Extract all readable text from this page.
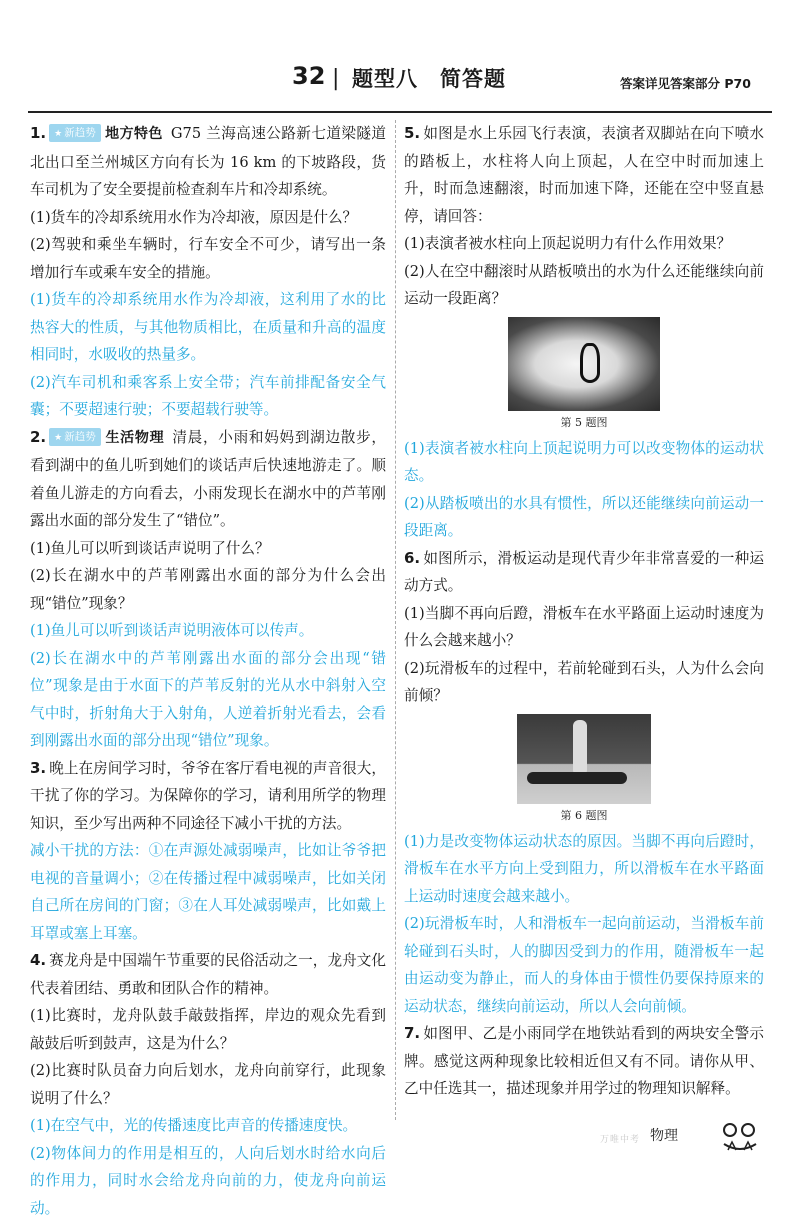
32 | 题型八　简答题	答案详见答案部分 P70
1. ★ 新趋势 地方特色 G75 兰海高速公路新七道梁隧道北出口至兰州城区方向有长为 16 km 的下坡路段，货车司机为了安全要提前检查刹车片和冷却系统。
(1)货车的冷却系统用水作为冷却液，原因是什么？
(2)驾驶和乘坐车辆时，行车安全不可少，请写出一条增加行车或乘车安全的措施。
(1)货车的冷却系统用水作为冷却液，这利用了水的比热容大的性质，与其他物质相比，在质量和升高的温度相同时，水吸收的热量多。
(2)汽车司机和乘客系上安全带；汽车前排配备安全气囊；不要超速行驶；不要超载行驶等。
2. ★ 新趋势 生活物理 清晨，小雨和妈妈到湖边散步，看到湖中的鱼儿听到她们的谈话声后快速地游走了。顺着鱼儿游走的方向看去，小雨发现长在湖水中的芦苇刚露出水面的部分发生了“错位”。
(1)鱼儿可以听到谈话声说明了什么？
(2)长在湖水中的芦苇刚露出水面的部分为什么会出现“错位”现象？
(1)鱼儿可以听到谈话声说明液体可以传声。
(2)长在湖水中的芦苇刚露出水面的部分会出现“错位”现象是由于水面下的芦苇反射的光从水中斜射入空气中时，折射角大于入射角，人逆着折射光看去，会看到刚露出水面的部分出现“错位”现象。
3. 晚上在房间学习时，爷爷在客厅看电视的声音很大，干扰了你的学习。为保障你的学习，请利用所学的物理知识，至少写出两种不同途径下减小干扰的方法。
减小干扰的方法：①在声源处减弱噪声，比如让爷爷把电视的音量调小；②在传播过程中减弱噪声，比如关闭自己所在房间的门窗；③在人耳处减弱噪声，比如戴上耳罩或塞上耳塞。
4. 赛龙舟是中国端午节重要的民俗活动之一，龙舟文化代表着团结、勇敢和团队合作的精神。
(1)比赛时，龙舟队鼓手敲鼓指挥，岸边的观众先看到敲鼓后听到鼓声，这是为什么？
(2)比赛时队员奋力向后划水，龙舟向前穿行，此现象说明了什么？
(1)在空气中，光的传播速度比声音的传播速度快。
(2)物体间力的作用是相互的，人向后划水时给水向后的作用力，同时水会给龙舟向前的力，使龙舟向前运动。
5. 如图是水上乐园飞行表演，表演者双脚站在向下喷水的踏板上，水柱将人向上顶起，人在空中时而加速上升，时而急速翻滚，时而加速下降，还能在空中竖直悬停，请回答：
(1)表演者被水柱向上顶起说明力有什么作用效果？
(2)人在空中翻滚时从踏板喷出的水为什么还能继续向前运动一段距离？
第 5 题图
(1)表演者被水柱向上顶起说明力可以改变物体的运动状态。
(2)从踏板喷出的水具有惯性，所以还能继续向前运动一段距离。
6. 如图所示，滑板运动是现代青少年非常喜爱的一种运动方式。
(1)当脚不再向后蹬，滑板车在水平路面上运动时速度为什么会越来越小？
(2)玩滑板车的过程中，若前轮碰到石头，人为什么会向前倾？
第 6 题图
(1)力是改变物体运动状态的原因。当脚不再向后蹬时，滑板车在水平方向上受到阻力，所以滑板车在水平路面上运动时速度会越来越小。
(2)玩滑板车时，人和滑板车一起向前运动，当滑板车前轮碰到石头时，人的脚因受到力的作用，随滑板车一起由运动变为静止，而人的身体由于惯性仍要保持原来的运动状态，继续向前运动，所以人会向前倾。
7. 如图甲、乙是小雨同学在地铁站看到的两块安全警示牌。感觉这两种现象比较相近但又有不同。请你从甲、乙中任选其一，描述现象并用学过的物理知识解释。
万唯中考 物理
